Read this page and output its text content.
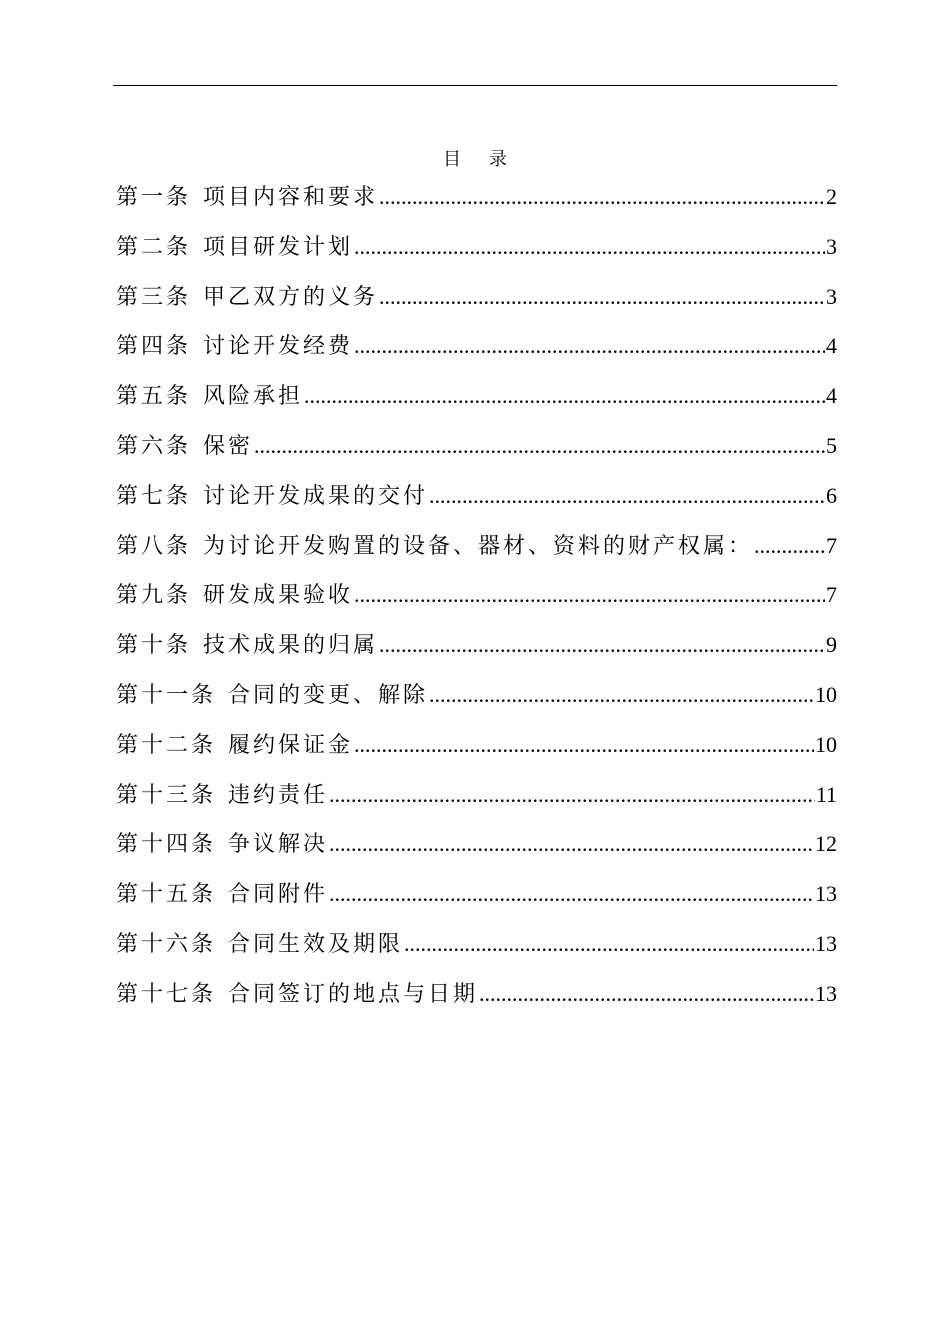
目 录
第一条 项目内容和要求 .....	2
第二条 项目研发计划 .....	3
第三条 甲乙双方的义务 .....	3
第四条 讨论开发经费 .....	4
第五条 风险承担 .....	4
第六条 保密 .....	5
第七条 讨论开发成果的交付 .....	6
第八条 为讨论开发购置的设备、器材、资料的财产权属： .....	7
第九条 研发成果验收 .....	7
第十条 技术成果的归属 .....	9
第十一条 合同的变更、解除 .....	10
第十二条 履约保证金 .....	10
第十三条 违约责任 .....	11
第十四条 争议解决 .....	12
第十五条 合同附件 .....	13
第十六条 合同生效及期限 .....	13
第十七条 合同签订的地点与日期 .....	13
